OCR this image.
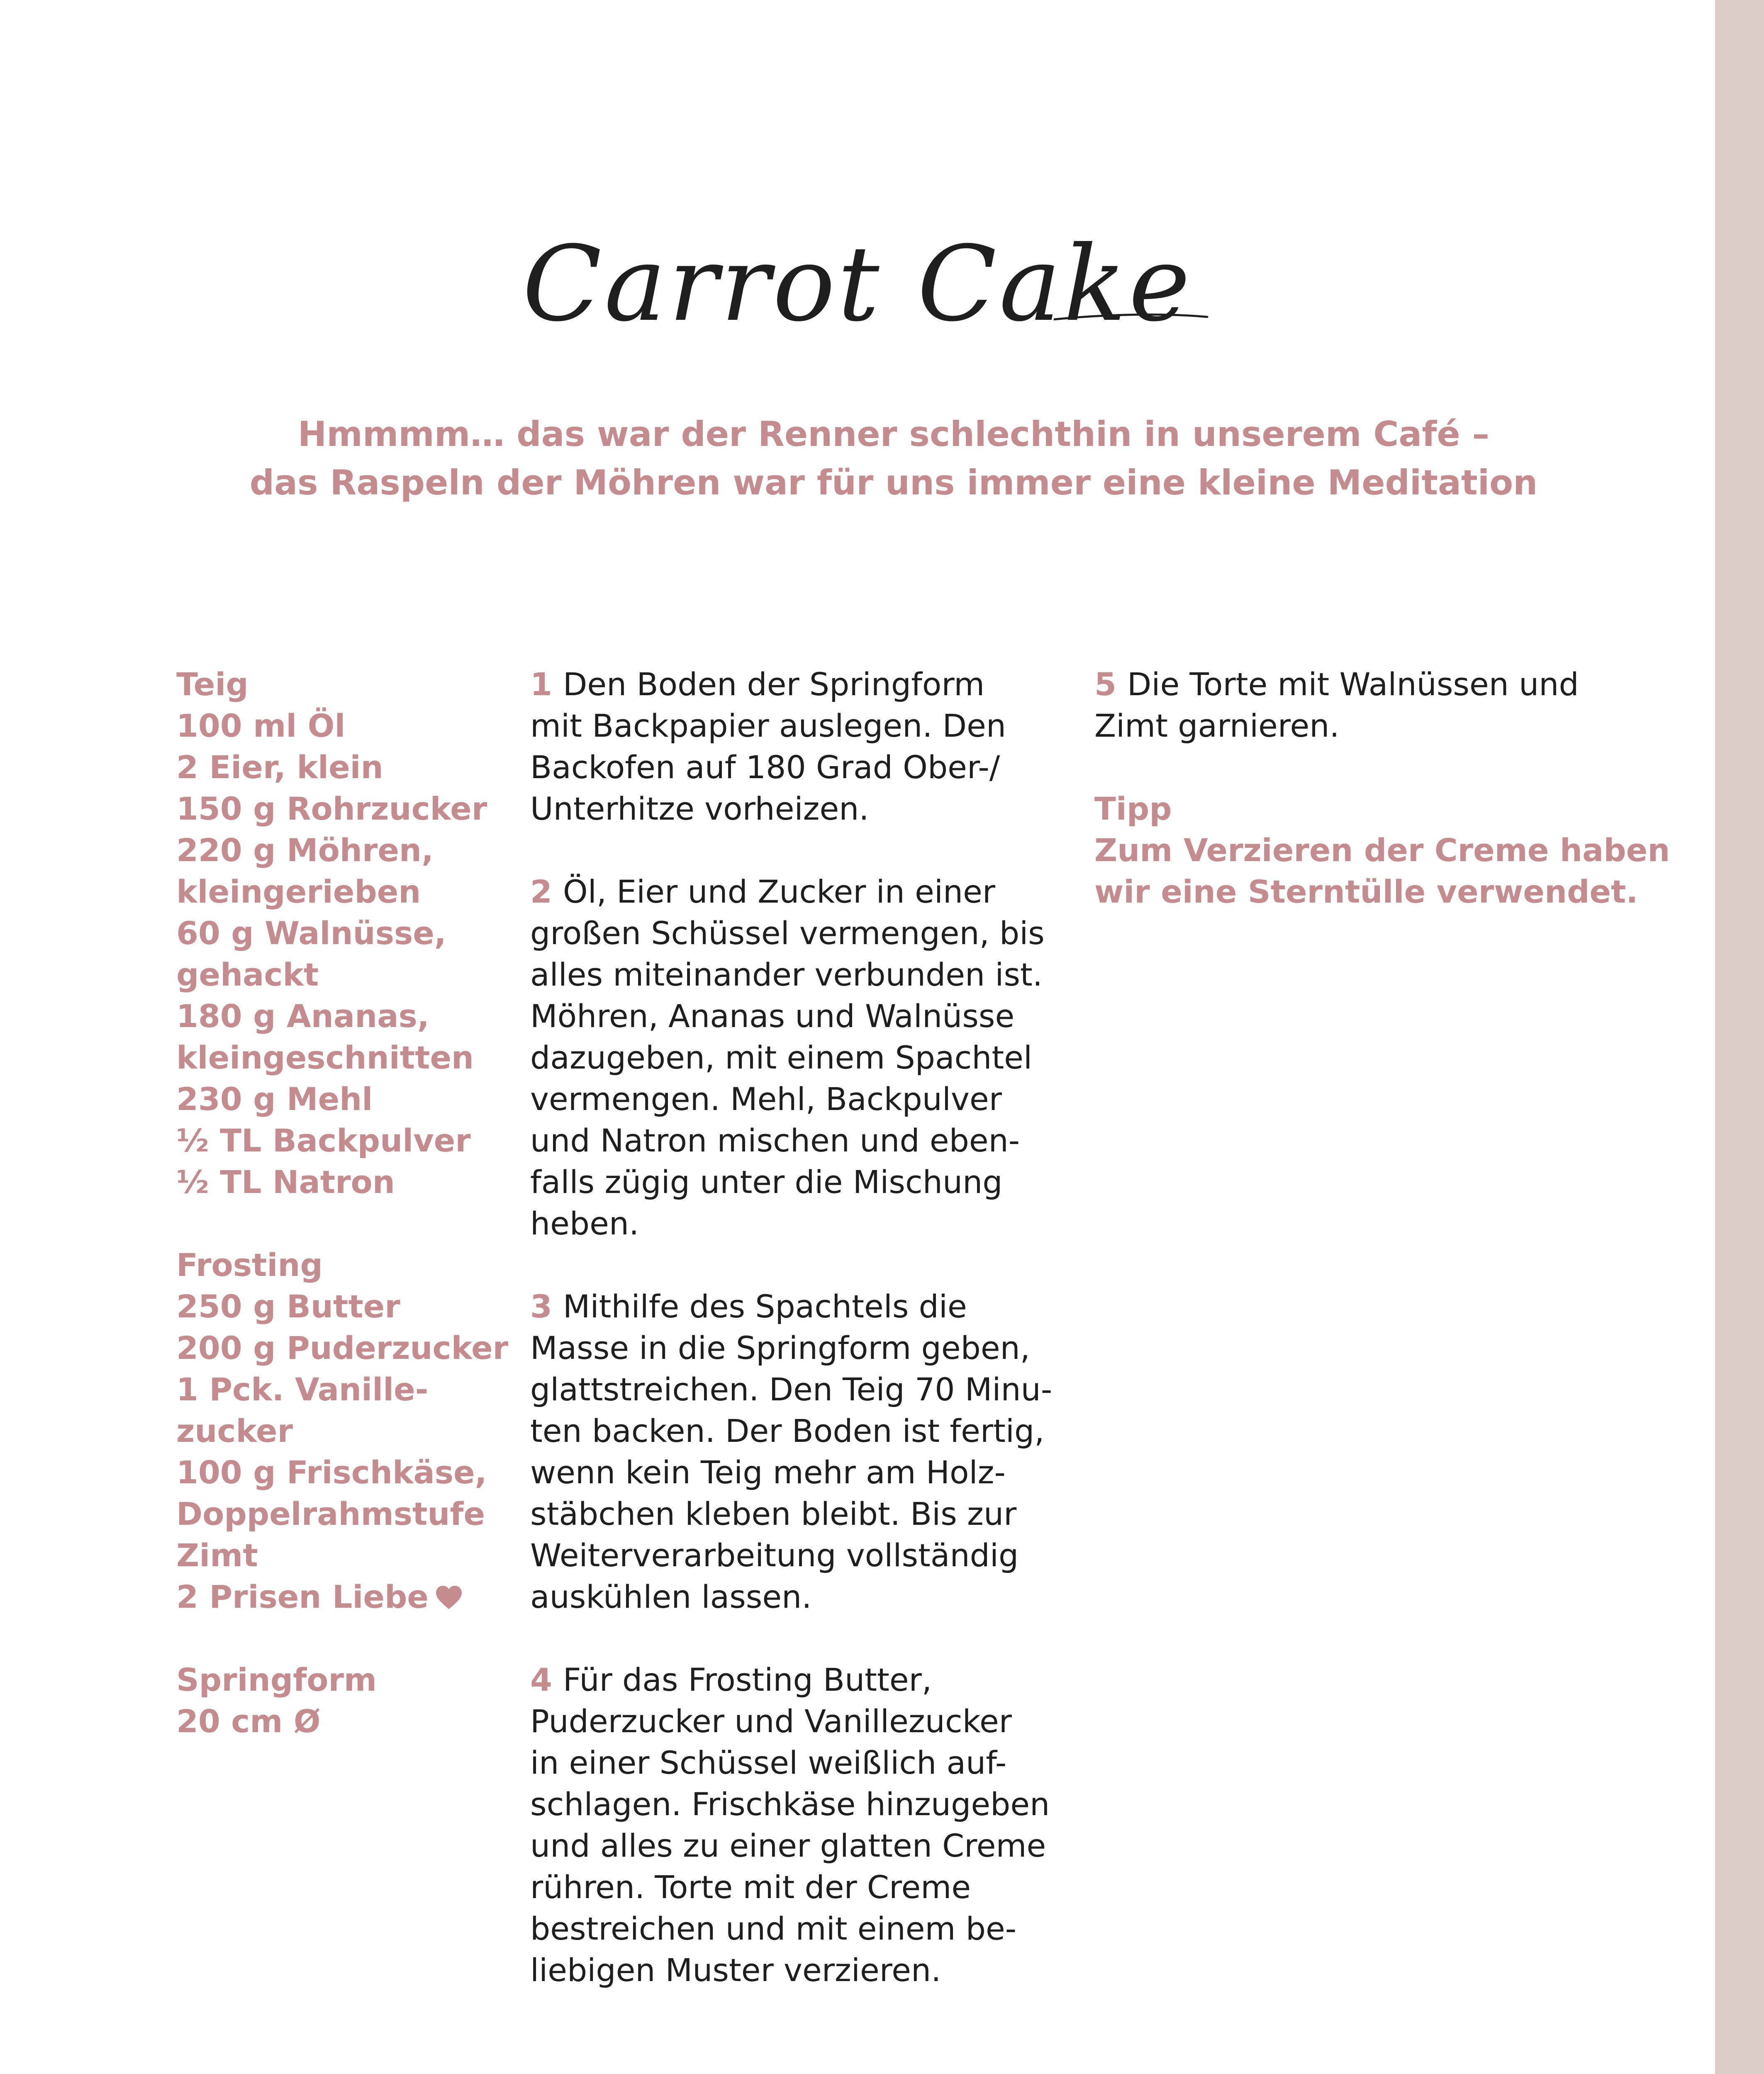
Carrot Cake
Hmmmm… das war der Renner schlechthin in unserem Café –
das Raspeln der Möhren war für uns immer eine kleine Meditation
Teig
100 ml Öl
2 Eier, klein
150 g Rohrzucker
220 g Möhren,
kleingerieben
60 g Walnüsse,
gehackt
180 g Ananas,
kleingeschnitten
230 g Mehl
½ TL Backpulver
½ TL Natron
Frosting
250 g Butter
200 g Puderzucker
1 Pck. Vanille-
zucker
100 g Frischkäse,
Doppelrahmstufe
Zimt
2 Prisen Liebe
Springform
20 cm Ø
1 Den Boden der Springform
mit Backpapier auslegen. Den
Backofen auf 180 Grad Ober-/
Unterhitze vorheizen.
2 Öl, Eier und Zucker in einer
großen Schüssel vermengen, bis
alles miteinander verbunden ist.
Möhren, Ananas und Walnüsse
dazugeben, mit einem Spachtel
vermengen. Mehl, Backpulver
und Natron mischen und eben-
falls zügig unter die Mischung
heben.
3 Mithilfe des Spachtels die
Masse in die Springform geben,
glattstreichen. Den Teig 70 Minu-
ten backen. Der Boden ist fertig,
wenn kein Teig mehr am Holz-
stäbchen kleben bleibt. Bis zur
Weiterverarbeitung vollständig
auskühlen lassen.
4 Für das Frosting Butter,
Puderzucker und Vanillezucker
in einer Schüssel weißlich auf-
schlagen. Frischkäse hinzugeben
und alles zu einer glatten Creme
rühren. Torte mit der Creme
bestreichen und mit einem be-
liebigen Muster verzieren.
5 Die Torte mit Walnüssen und
Zimt garnieren.
Tipp
Zum Verzieren der Creme haben
wir eine Sterntülle verwendet.
